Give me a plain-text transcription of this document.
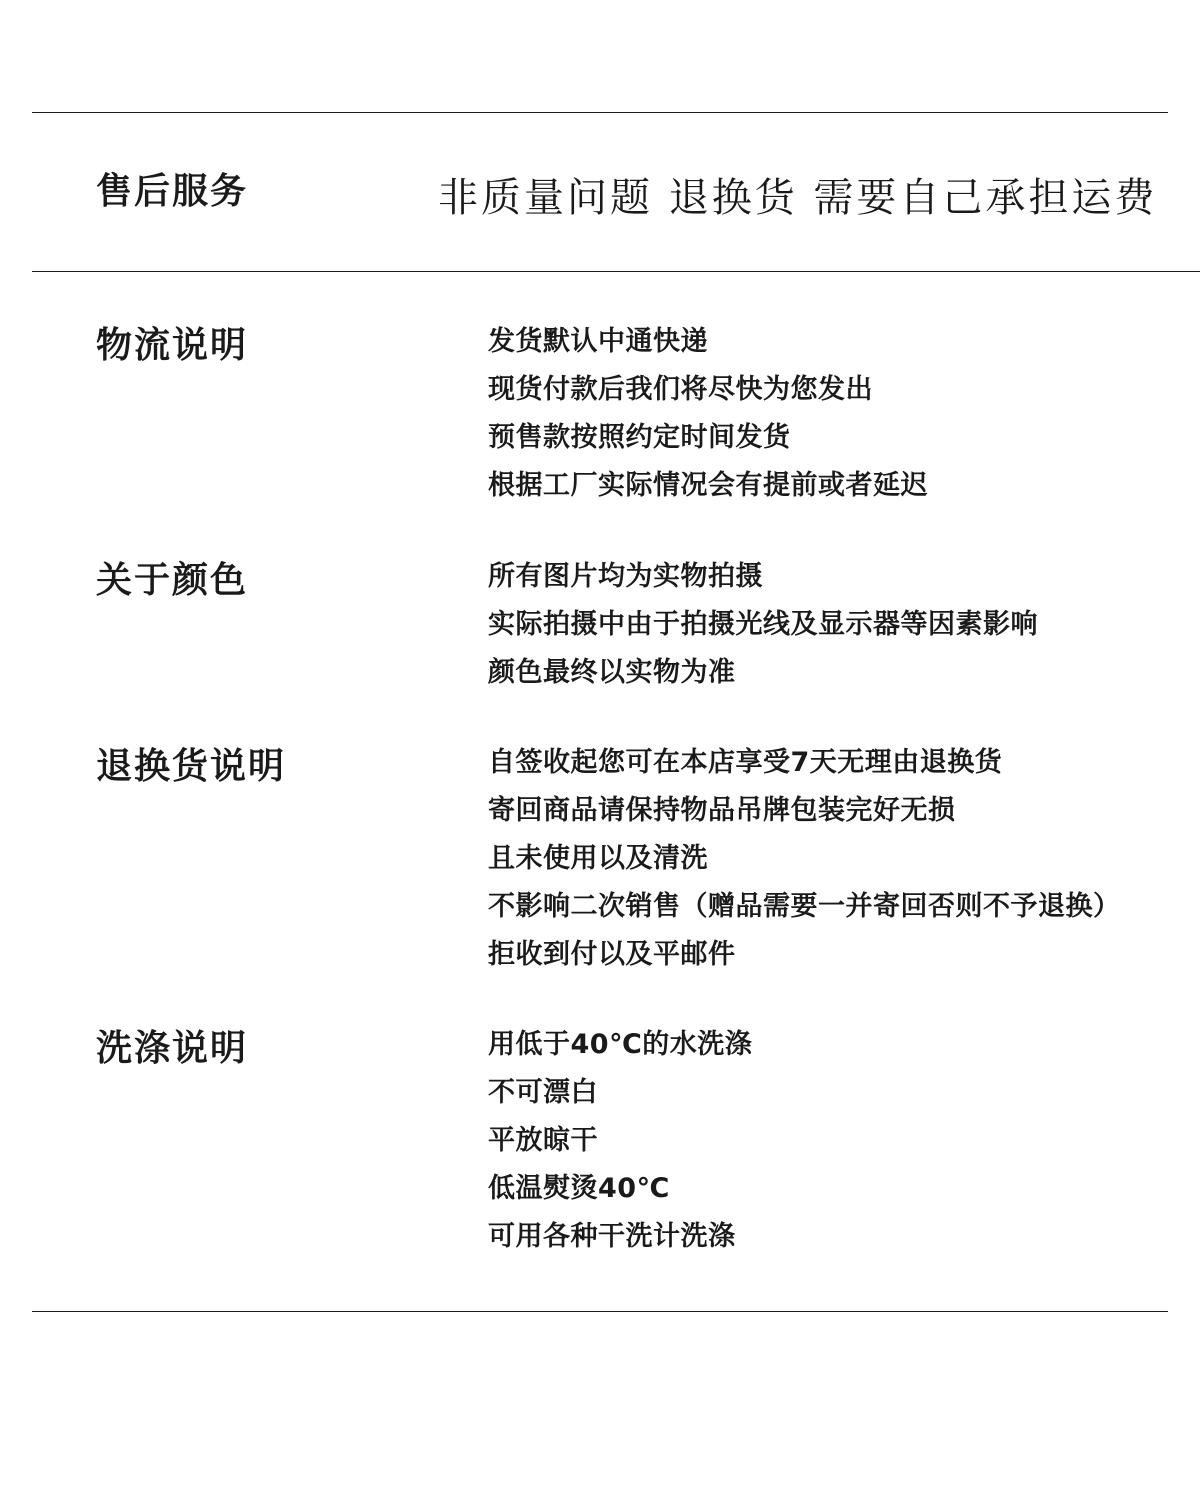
售后服务	非质量问题 退换货 需要自己承担运费
物流说明	发货默认中通快递
现货付款后我们将尽快为您发出
预售款按照约定时间发货
根据工厂实际情况会有提前或者延迟
关于颜色	所有图片均为实物拍摄
实际拍摄中由于拍摄光线及显示器等因素影响
颜色最终以实物为准
退换货说明	自签收起您可在本店享受7天无理由退换货
寄回商品请保持物品吊牌包装完好无损
且未使用以及清洗
不影响二次销售（赠品需要一并寄回否则不予退换）
拒收到付以及平邮件
洗涤说明	用低于40℃的水洗涤
不可漂白
平放晾干
低温熨烫40℃
可用各种干洗计洗涤
